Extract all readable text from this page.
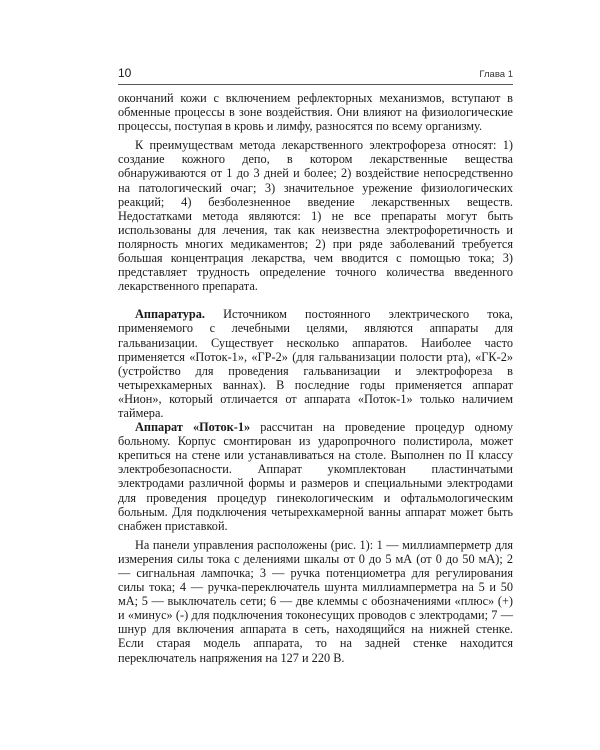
10	Глава 1

окончаний кожи с включением рефлекторных механизмов, вступают в обменные процессы в зоне воздействия. Они влияют на физиологические процессы, поступая в кровь и лимфу, разносятся по всему организму.

К преимуществам метода лекарственного электрофореза относят: 1) создание кожного депо, в котором лекарственные вещества обнаруживаются от 1 до 3 дней и более; 2) воздействие непосредственно на патологический очаг; 3) значительное урежение физиологических реакций; 4) безболезненное введение лекарственных веществ. Недостатками метода являются: 1) не все препараты могут быть использованы для лечения, так как неизвестна электрофоретичность и полярность многих медикаментов; 2) при ряде заболеваний требуется большая концентрация лекарства, чем вводится с помощью тока; 3) представляет трудность определение точного количества введенного лекарственного препарата.

Аппаратура. Источником постоянного электрического тока, применяемого с лечебными целями, являются аппараты для гальванизации. Существует несколько аппаратов. Наиболее часто применяется «Поток-1», «ГР-2» (для гальванизации полости рта), «ГК-2» (устройство для проведения гальванизации и электрофореза в четырехкамерных ваннах). В последние годы применяется аппарат «Нион», который отличается от аппарата «Поток-1» только наличием таймера.

Аппарат «Поток-1» рассчитан на проведение процедур одному больному. Корпус смонтирован из ударопрочного полистирола, может крепиться на стене или устанавливаться на столе. Выполнен по II классу электробезопасности. Аппарат укомплектован пластинчатыми электродами различной формы и размеров и специальными электродами для проведения процедур гинекологическим и офтальмологическим больным. Для подключения четырехкамерной ванны аппарат может быть снабжен приставкой.

На панели управления расположены (рис. 1): 1 — миллиамперметр для измерения силы тока с делениями шкалы от 0 до 5 мА (от 0 до 50 мА); 2 — сигнальная лампочка; 3 — ручка потенциометра для регулирования силы тока; 4 — ручка-переключатель шунта миллиамперметра на 5 и 50 мА; 5 — выключатель сети; 6 — две клеммы с обозначениями «плюс» (+) и «минус» (-) для подключения токонесущих проводов с электродами; 7 — шнур для включения аппарата в сеть, находящийся на нижней стенке. Если старая модель аппарата, то на задней стенке находится переключатель напряжения на 127 и 220 В.
